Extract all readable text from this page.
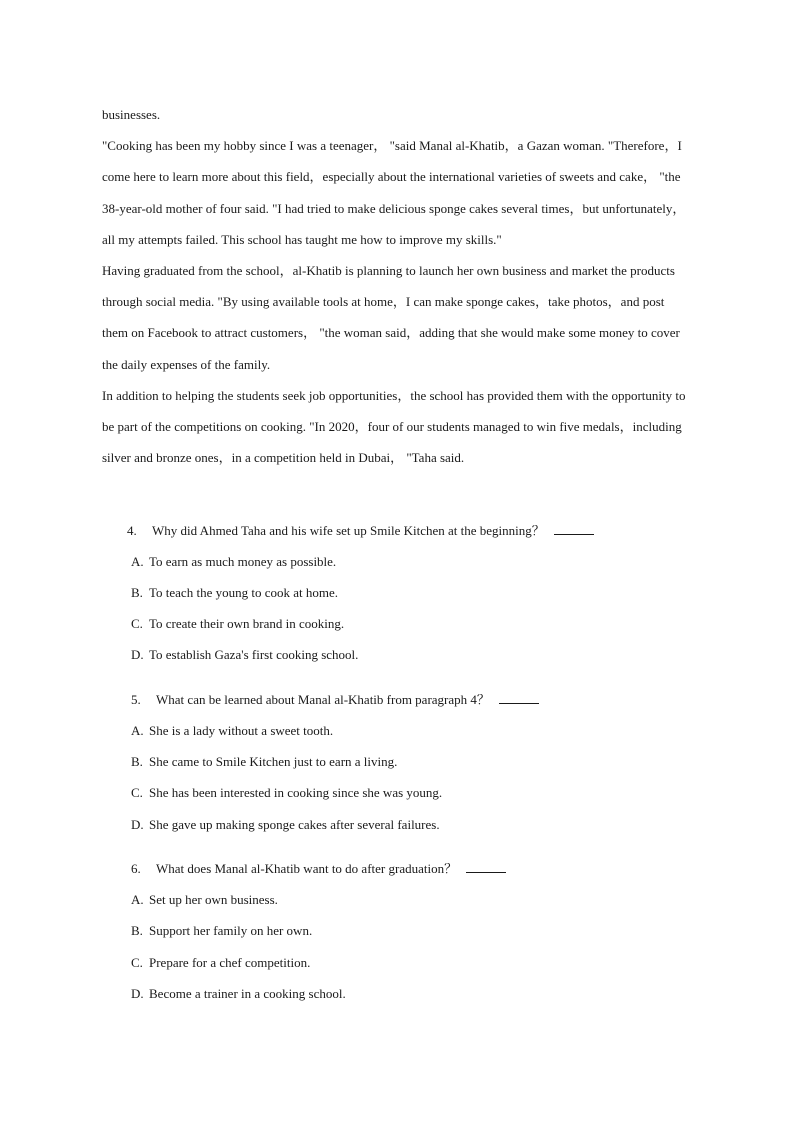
businesses.

"Cooking has been my hobby since I was a teenager， "said Manal al-Khatib，a Gazan woman. "Therefore，I come here to learn more about this field，especially about the international varieties of sweets and cake， "the 38-year-old mother of four said. "I had tried to make delicious sponge cakes several times，but unfortunately，all my attempts failed. This school has taught me how to improve my skills."

Having graduated from the school，al-Khatib is planning to launch her own business and market the products through social media. "By using available tools at home，I can make sponge cakes，take photos，and post them on Facebook to attract customers， "the woman said，adding that she would make some money to cover the daily expenses of the family.

In addition to helping the students seek job opportunities，the school has provided them with the opportunity to be part of the competitions on cooking. "In 2020，four of our students managed to win five medals，including silver and bronze ones，in a competition held in Dubai， "Taha said.

4. Why did Ahmed Taha and his wife set up Smile Kitchen at the beginning？
A. To earn as much money as possible.
B. To teach the young to cook at home.
C. To create their own brand in cooking.
D. To establish Gaza's first cooking school.
5. What can be learned about Manal al-Khatib from paragraph 4？
A. She is a lady without a sweet tooth.
B. She came to Smile Kitchen just to earn a living.
C. She has been interested in cooking since she was young.
D. She gave up making sponge cakes after several failures.
6. What does Manal al-Khatib want to do after graduation？
A. Set up her own business.
B. Support her family on her own.
C. Prepare for a chef competition.
D. Become a trainer in a cooking school.
